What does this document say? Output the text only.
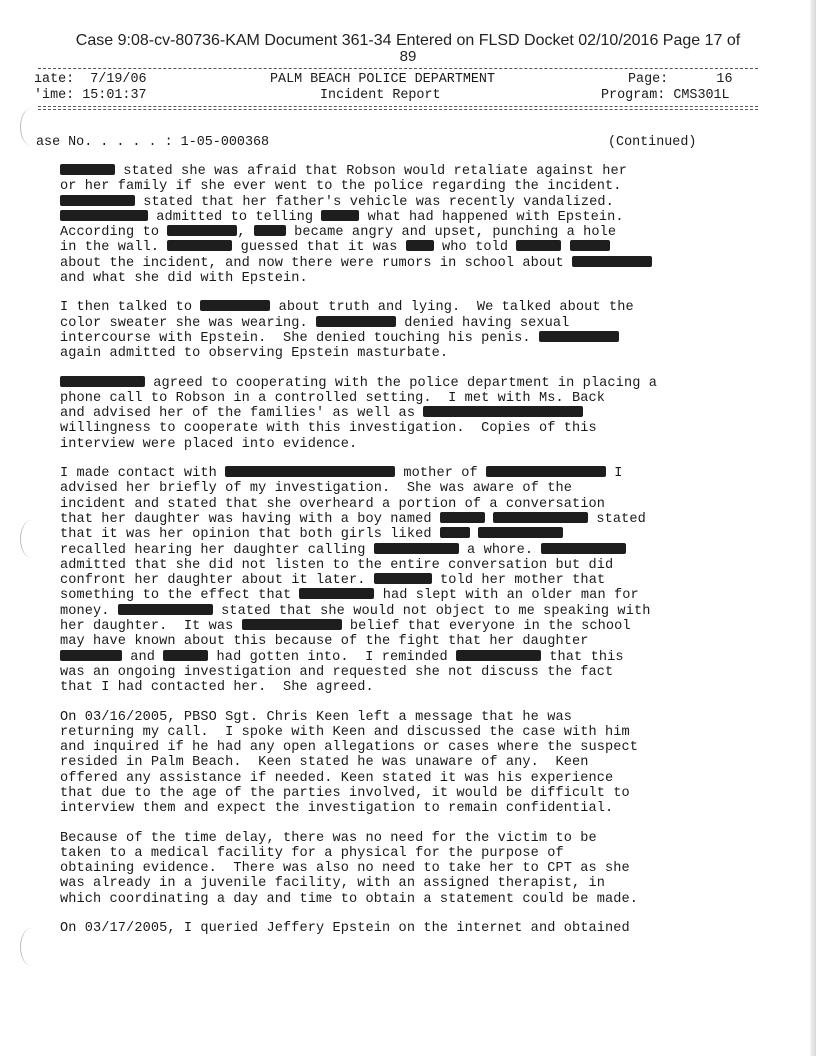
Case 9:08-cv-80736-KAM Document 361-34 Entered on FLSD Docket 02/10/2016 Page 17 of
89
ıate: 7/19/06
'ime: 15:01:37
PALM BEACH POLICE DEPARTMENT
Incident Report
Page:	16
Program: CMS301L
ase No. . . . . : 1-05-000368	(Continued)

stated she was afraid that Robson would retaliate against her
or her family if she ever went to the police regarding the incident.
stated that her father's vehicle was recently vandalized.
admitted to telling	what had happened with Epstein.
According to	,	became angry and upset, punching a hole
in the wall.	guessed that it was  who told
about the incident, and now there were rumors in school about
and what she did with Epstein.

I then talked to	about truth and lying.  We talked about the
color sweater she was wearing.	denied having sexual
intercourse with Epstein.  She denied touching his penis.
again admitted to observing Epstein masturbate.

agreed to cooperating with the police department in placing a
phone call to Robson in a controlled setting.  I met with Ms. Back
and advised her of the families' as well as
willingness to cooperate with this investigation.  Copies of this
interview were placed into evidence.

I made contact with	mother of	I
advised her briefly of my investigation.  She was aware of the
incident and stated that she overheard a portion of a conversation
that her daughter was having with a boy named	stated
that it was her opinion that both girls liked
recalled hearing her daughter calling	a whore.
admitted that she did not listen to the entire conversation but did
confront her daughter about it later.	told her mother that
something to the effect that	had slept with an older man for
money.	stated that she would not object to me speaking with
her daughter.  It was	belief that everyone in the school
may have known about this because of the fight that her daughter
and	had gotten into.  I reminded	that this
was an ongoing investigation and requested she not discuss the fact
that I had contacted her.  She agreed.

On 03/16/2005, PBSO Sgt. Chris Keen left a message that he was
returning my call.  I spoke with Keen and discussed the case with him
and inquired if he had any open allegations or cases where the suspect
resided in Palm Beach.  Keen stated he was unaware of any.  Keen
offered any assistance if needed. Keen stated it was his experience
that due to the age of the parties involved, it would be difficult to
interview them and expect the investigation to remain confidential.

Because of the time delay, there was no need for the victim to be
taken to a medical facility for a physical for the purpose of
obtaining evidence.  There was also no need to take her to CPT as she
was already in a juvenile facility, with an assigned therapist, in
which coordinating a day and time to obtain a statement could be made.

On 03/17/2005, I queried Jeffery Epstein on the internet and obtained
